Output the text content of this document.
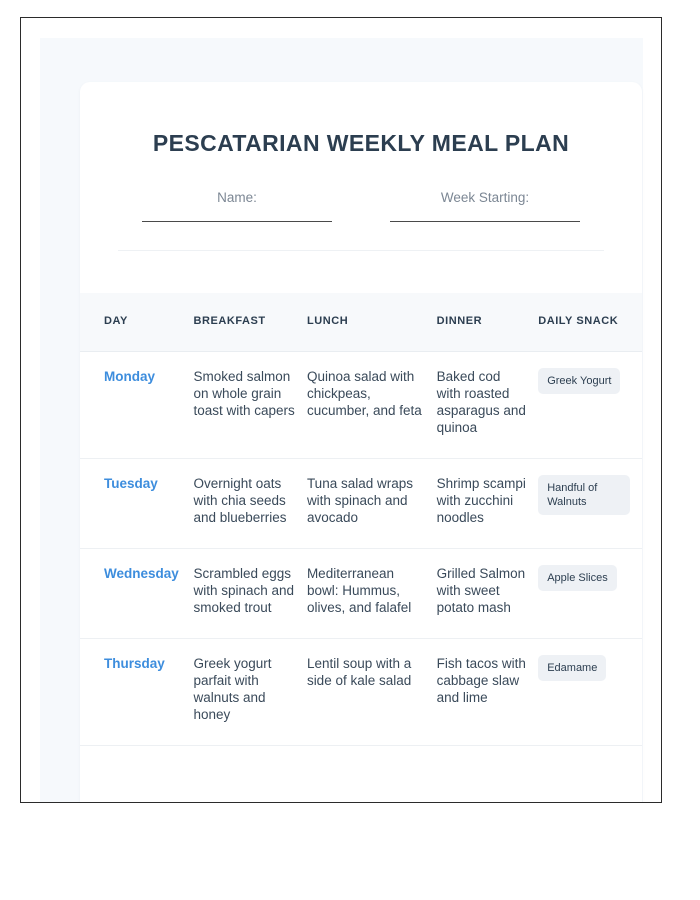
PESCATARIAN WEEKLY MEAL PLAN
Name:	Week Starting:
DAY	BREAKFAST	LUNCH	DINNER	DAILY SNACK
Monday	Smoked salmon on whole grain toast with capers	Quinoa salad with chickpeas, cucumber, and feta	Baked cod with roasted asparagus and quinoa	Greek Yogurt
Tuesday	Overnight oats with chia seeds and blueberries	Tuna salad wraps with spinach and avocado	Shrimp scampi with zucchini noodles	Handful of Walnuts
Wednesday	Scrambled eggs with spinach and smoked trout	Mediterranean bowl: Hummus, olives, and falafel	Grilled Salmon with sweet potato mash	Apple Slices
Thursday	Greek yogurt parfait with walnuts and honey	Lentil soup with a side of kale salad	Fish tacos with cabbage slaw and lime	Edamame
